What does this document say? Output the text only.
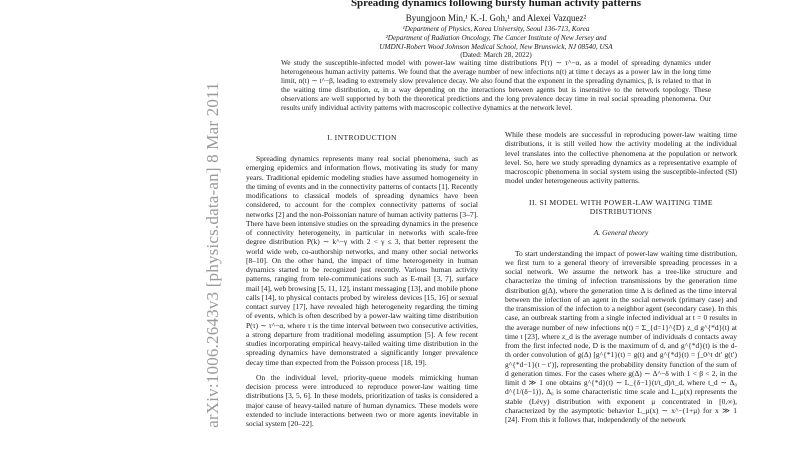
arXiv:1006.2643v3 [physics.data-an] 8 Mar 2011
Spreading dynamics following bursty human activity patterns
Byungjoon Min,¹ K.-I. Goh,¹ and Alexei Vazquez²
¹Department of Physics, Korea University, Seoul 136-713, Korea
²Department of Radiation Oncology, The Cancer Institute of New Jersey and
UMDNJ-Robert Wood Johnson Medical School, New Brunswick, NJ 08540, USA
(Dated: March 28, 2022)
We study the susceptible-infected model with power-law waiting time distributions P(τ) ∼ τ^−α, as a model of spreading dynamics under heterogeneous human activity patterns. We found that the average number of new infections n(t) at time t decays as a power law in the long time limit, n(t) ∼ t^−β, leading to extremely slow prevalence decay. We also found that the exponent in the spreading dynamics, β, is related to that in the waiting time distribution, α, in a way depending on the interactions between agents but is insensitive to the network topology. These observations are well supported by both the theoretical predictions and the long prevalence decay time in real social spreading phenomena. Our results unify individual activity patterns with macroscopic collective dynamics at the network level.
I. INTRODUCTION

Spreading dynamics represents many real social phenomena, such as emerging epidemics and information flows, motivating its study for many years. Traditional epidemic modeling studies have assumed homogeneity in the timing of events and in the connectivity patterns of contacts [1]. Recently modifications to classical models of spreading dynamics have been considered, to account for the complex connectivity patterns of social networks [2] and the non-Poissonian nature of human activity patterns [3–7]. There have been intensive studies on the spreading dynamics in the presence of connectivity heterogeneity, in particular in networks with scale-free degree distribution P(k) ∼ k^−γ with 2 < γ ≤ 3, that better represent the world wide web, co-authorship networks, and many other social networks [8–10]. On the other hand, the impact of time heterogeneity in human dynamics started to be recognized just recently. Various human activity patterns, ranging from tele-communications such as E-mail [3, 7], surface mail [4], web browsing [5, 11, 12], instant messaging [13], and mobile phone calls [14], to physical contacts probed by wireless devices [15, 16] or sexual contact survey [17], have revealed high heterogeneity regarding the timing of events, which is often described by a power-law waiting time distribution P(τ) ∼ τ^−α, where τ is the time interval between two consecutive activities, a strong departure from traditional modeling assumption [5]. A few recent studies incorporating empirical heavy-tailed waiting time distribution in the spreading dynamics have demonstrated a significantly longer prevalence decay time than expected from the Poisson process [18, 19].

On the individual level, priority-queue models mimicking human decision process were introduced to reproduce power-law waiting time distributions [3, 5, 6]. In these models, prioritization of tasks is considered a major cause of heavy-tailed nature of human dynamics. These models were extended to include interactions between two or more agents inevitable in social system [20–22].

While these models are successful in reproducing power-law waiting time distributions, it is still veiled how the activity modeling at the individual level translates into the collective phenomena at the population or network level. So, here we study spreading dynamics as a representative example of macroscopic phenomena in social system using the susceptible-infected (SI) model under heterogeneous activity patterns.

II. SI MODEL WITH POWER-LAW WAITING TIME DISTRIBUTIONS
A. General theory

To start understanding the impact of power-law waiting time distribution, we first turn to a general theory of irreversible spreading processes in a social network. We assume the network has a tree-like structure and characterize the timing of infection transmissions by the generation time distribution g(Δ), where the generation time Δ is defined as the time interval between the infection of an agent in the social network (primary case) and the transmission of the infection to a neighbor agent (secondary case). In this case, an outbreak starting from a single infected individual at t = 0 results in the average number of new infections n(t) = Σ_{d=1}^{D} z_d g^{*d}(t) at time t [23], where z_d is the average number of individuals d contacts away from the first infected node, D is the maximum of d, and g^{*d}(t) is the d-th order convolution of g(Δ) [g^{*1}(t) = g(t) and g^{*d}(t) = ∫_0^t dt′ g(t′) g^{*d−1}(t − t′)], representing the probability density function of the sum of d generation times. For the cases where g(Δ) ∼ Δ^−δ with 1 < β < 2, in the limit d ≫ 1 one obtains g^{*d}(t) ∼ L_{δ−1}(t/t_d)/t_d, where t_d ∼ Δ₀ d^{1/(δ−1)}, Δ₀ is some characteristic time scale and L_μ(x) represents the stable (Lévy) distribution with exponent μ concentrated in [0,∞), characterized by the asymptotic behavior L_μ(x) ∼ x^−(1+μ) for x ≫ 1 [24]. From this it follows that, independently of the network
